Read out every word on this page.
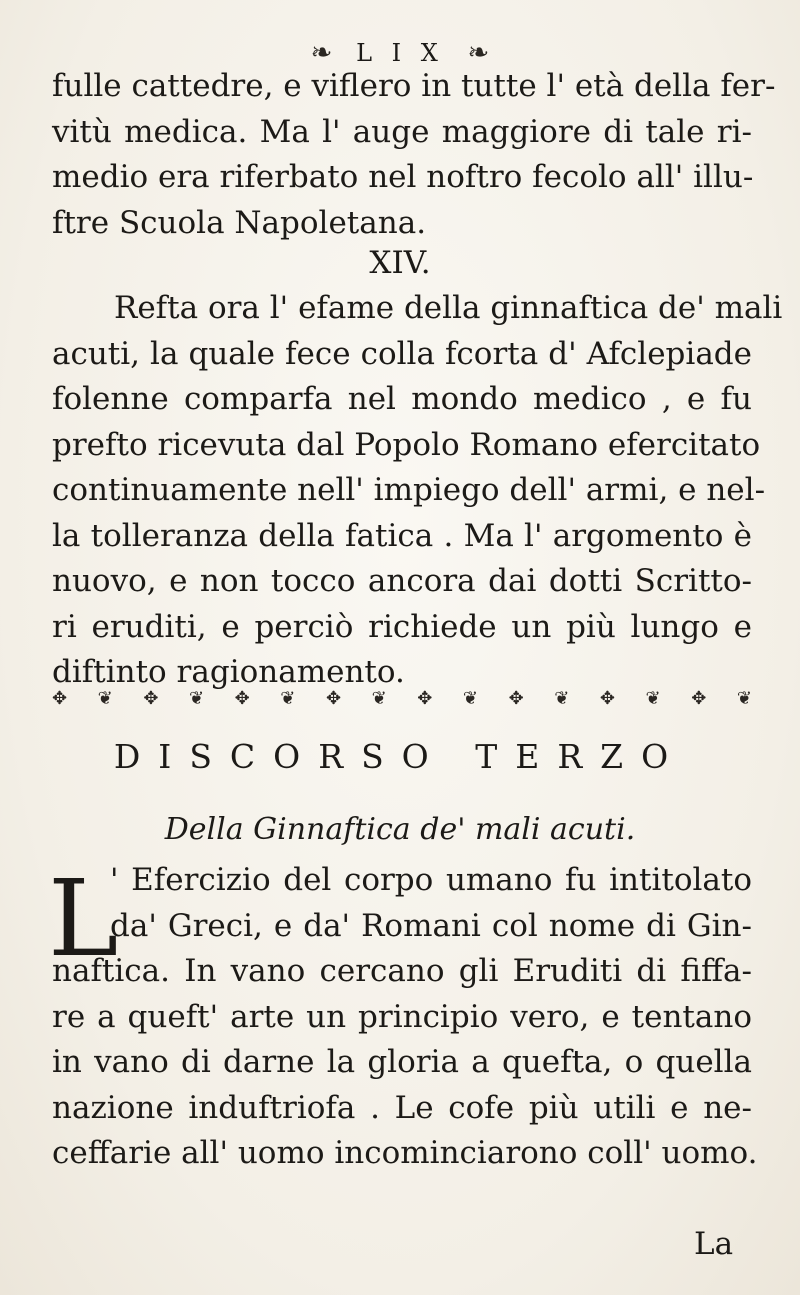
❧ L I X ❧
fulle cattedre, e viflero in tutte l' età della fer-
vitù medica. Ma l' auge maggiore di tale ri-
medio era riferbato nel noftro fecolo all' illu-
ftre Scuola Napoletana.
XIV.
Refta ora l' efame della ginnaftica de' mali
acuti, la quale fece colla fcorta d' Afclepiade
folenne comparfa nel mondo medico , e fu
prefto ricevuta dal Popolo Romano efercitato
continuamente nell' impiego dell' armi, e nel-
la tolleranza della fatica . Ma l' argomento è
nuovo, e non tocco ancora dai dotti Scritto-
ri eruditi, e perciò richiede un più lungo e
diftinto ragionamento.
✥ ❦ ✥ ❦ ✥ ❦ ✥ ❦ ✥ ❦ ✥ ❦ ✥ ❦ ✥ ❦
DISCORSO TERZO
Della Ginnaftica de' mali acuti.
L
' Efercizio del corpo umano fu intitolato
da' Greci, e da' Romani col nome di Gin-
naftica. In vano cercano gli Eruditi di fiffa-
re a queft' arte un principio vero, e tentano
in vano di darne la gloria a quefta, o quella
nazione induftriofa . Le cofe più utili e ne-
ceffarie all' uomo incominciarono coll' uomo.
La
